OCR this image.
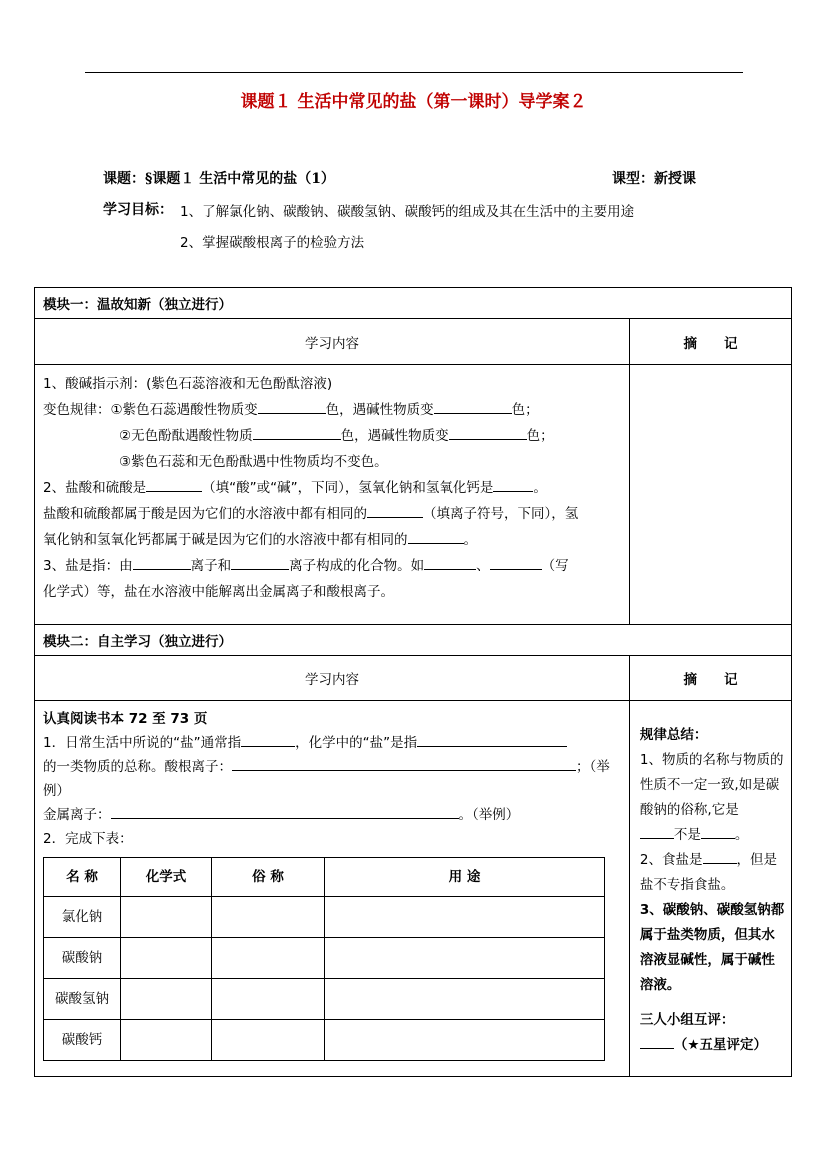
课题１ 生活中常见的盐（第一课时）导学案２
课题：§课题１ 生活中常见的盐（1）	课型：新授课
学习目标： 1、了解氯化钠、碳酸钠、碳酸氢钠、碳酸钙的组成及其在生活中的主要用途
2、掌握碳酸根离子的检验方法
模块一：温故知新（独立进行）
学习内容	摘　　记

1、酸碱指示剂：(紫色石蕊溶液和无色酚酞溶液)
变色规律：①紫色石蕊遇酸性物质变	色，遇碱性物质变	色；
②无色酚酞遇酸性物质	色，遇碱性物质变	色；
③紫色石蕊和无色酚酞遇中性物质均不变色。
2、盐酸和硫酸是	（填“酸”或“碱”，下同），氢氧化钠和氢氧化钙是	。
盐酸和硫酸都属于酸是因为它们的水溶液中都有相同的	（填离子符号，下同），氢
氧化钠和氢氧化钙都属于碱是因为它们的水溶液中都有相同的	。
3、盐是指：由	离子和	离子构成的化合物。如	、	（写
化学式）等，盐在水溶液中能解离出金属离子和酸根离子。

模块二：自主学习（独立进行）
学习内容	摘　　记

认真阅读书本 72 至 73 页
1．日常生活中所说的“盐”通常指	，化学中的“盐”是指
的一类物质的总称。酸根离子：	；（举
例）
金属离子：	。（举例）
2．完成下表：
名 称	化学式	俗 称	用 途
氯化钠			
碳酸钠			
碳酸氢钠			
碳酸钙			

规律总结：
1、物质的名称与物质的性质不一定一致,如是碳酸钠的俗称,它是
不是	。
2、食盐是	，但是盐不专指食盐。
3、碳酸钠、碳酸氢钠都属于盐类物质，但其水溶液显碱性，属于碱性溶液。
三人小组互评：
（★五星评定）
